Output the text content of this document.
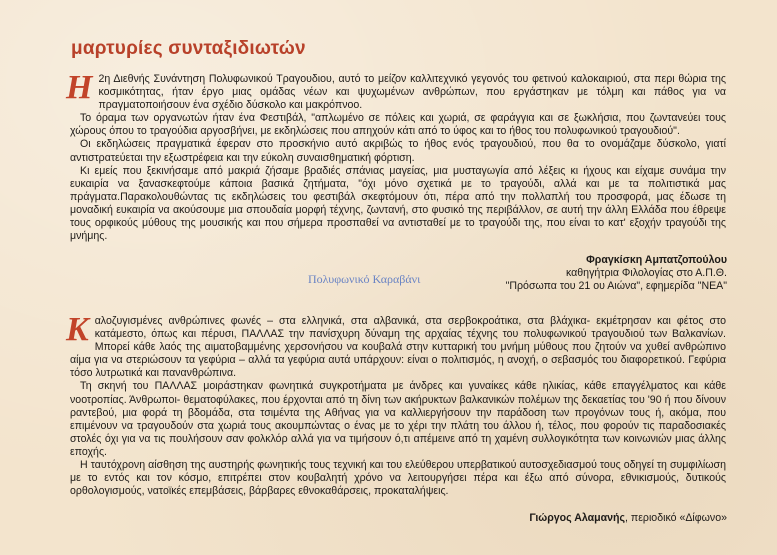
μαρτυρίες συνταξιδιωτών

Η 2η Διεθνής Συνάντηση Πολυφωνικού Τραγουδιου, αυτό το μείζον καλλιτεχνικό γεγονός του φετινού καλοκαιριού, στα περι θώρια της κοσμικότητας, ήταν έργο μιας ομάδας νέων και ψυχωμένων ανθρώπων, που εργάστηκαν με τόλμη και πάθος για να πραγματοποιήσουν ένα σχέδιο δύσκολο και μακρόπνοο.

Το όραμα των οργανωτών ήταν ένα Φεστιβάλ, "απλωμένο σε πόλεις και χωριά, σε φαράγγια και σε ξωκλήσια, που ζωντανεύει τους χώρους όπου το τραγούδια αργοσβήνει, με εκδηλώσεις που απηχούν κάτι από το ύφος και το ήθος του πολυφωνικού τραγουδιού".

Οι εκδηλώσεις πραγματικά έφεραν στο προσκήνιο αυτό ακριβώς το ήθος ενός τραγουδιού, που θα το ονομάζαμε δύσκολο, γιατί αντιστρατεύεται την εξωστρέφεια και την εύκολη συναισθηματική φόρτιση.

Κι εμείς που ξεκινήσαμε από μακριά ζήσαμε βραδιές σπάνιας μαγείας, μια μυσταγωγία από λέξεις κι ήχους και είχαμε συνάμα την ευκαιρία να ξανασκεφτούμε κάποια βασικά ζητήματα, "όχι μόνο σχετικά με το τραγούδι, αλλά και με τα πολιτιστικά μας πράγματα.Παρακολουθώντας τις εκδηλώσεις του φεστιβάλ σκεφτόμουν ότι, πέρα από την πολλαπλή του προσφορά, μας έδωσε τη μοναδική ευκαιρία να ακούσουμε μια σπουδαία μορφή τέχνης, ζωντανή, στο φυσικό της περιβάλλον, σε αυτή την άλλη Ελλάδα που έθρεψε τους ορφικούς μύθους της μουσικής και που σήμερα προσπαθεί να αντισταθεί με το τραγούδι της, που είναι το κατ' εξοχήν τραγούδι της μνήμης.

Φραγκίσκη Αμπατζοπούλου
καθηγήτρια Φιλολογίας στο Α.Π.Θ.
"Πρόσωπα του 21 ου Αιώνα", εφημερίδα "ΝΕΑ"
Πολυφωνικό Καραβάνι

Καλοζυγισμένες ανθρώπινες φωνές – στα ελληνικά, στα αλβανικά, στα σερβοκροάτικα, στα βλάχικα- εκμέτρησαν και φέτος στο κατάμεστο, όπως και πέρυσι, ΠΑΛΛΑΣ την πανίσχυρη δύναμη της αρχαίας τέχνης του πολυφωνικού τραγουδιού των Βαλκανίων. Μπορεί κάθε λαός της αιματοβαμμένης χερσονήσου να κουβαλά στην κυτταρική του μνήμη μύθους που ζητούν να χυθεί ανθρώπινο αίμα για να στεριώσουν τα γεφύρια – αλλά τα γεφύρια αυτά υπάρχουν: είναι ο πολιτισμός, η ανοχή, ο σεβασμός του διαφορετικού. Γεφύρια τόσο λυτρωτικά και πανανθρώπινα.

Τη σκηνή του ΠΑΛΛΑΣ μοιράστηκαν φωνητικά συγκροτήματα με άνδρες και γυναίκες κάθε ηλικίας, κάθε επαγγέλματος και κάθε νοοτροπίας. Άνθρωποι- θεματοφύλακες, που έρχονται από τη δίνη των ακήρυκτων βαλκανικών πολέμων της δεκαετίας του '90 ή που δίνουν ραντεβού, μια φορά τη βδομάδα, στα τσιμέντα της Αθήνας για να καλλιεργήσουν την παράδοση των προγόνων τους ή, ακόμα, που επιμένουν να τραγουδούν στα χωριά τους ακουμπώντας ο ένας με το χέρι την πλάτη του άλλου ή, τέλος, που φορούν τις παραδοσιακές στολές όχι για να τις πουλήσουν σαν φολκλόρ αλλά για να τιμήσουν ό,τι απέμεινε από τη χαμένη συλλογικότητα των κοινωνιών μιας άλλης εποχής.

Η ταυτόχρονη αίσθηση της αυστηρής φωνητικής τους τεχνική και του ελεύθερου υπερβατικού αυτοσχεδιασμού τους οδηγεί τη συμφιλίωση με το εντός και τον κόσμο, επιτρέπει στον κουβαλητή χρόνο να λειτουργήσει πέρα και έξω από σύνορα, εθνικισμούς, δυτικούς ορθολογισμούς, νατοϊκές επεμβάσεις, βάρβαρες εθνοκαθάρσεις, προκαταλήψεις.

Γιώργος Αλαμανής, περιοδικό «Δίφωνο»
